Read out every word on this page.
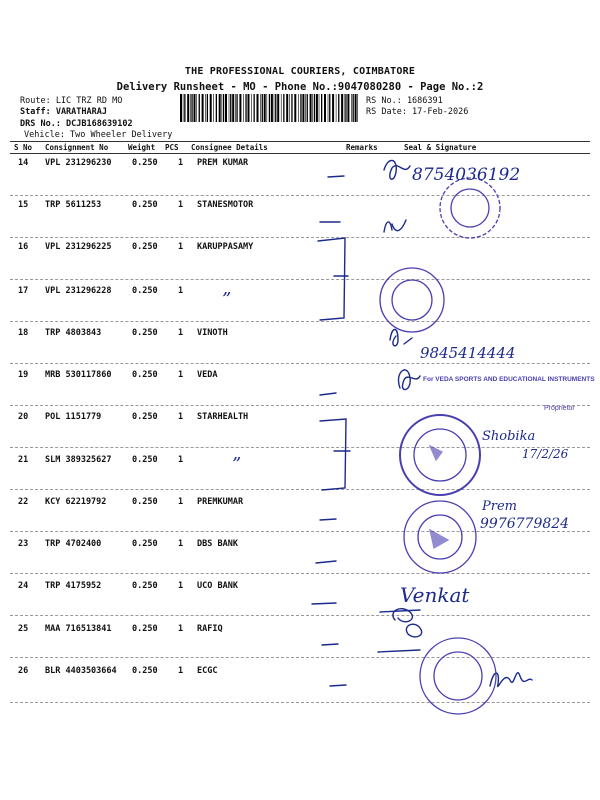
THE PROFESSIONAL COURIERS, COIMBATORE
Delivery Runsheet - MO - Phone No.:9047080280 - Page No.:2
Route: LIC TRZ RD MO
Staff: VARATHARAJ
DRS No.: DCJB168639102
Vehicle: Two Wheeler Delivery
RS No.: 1686391
RS Date: 17-Feb-2026
S No Consignment No	Weight PCS Consignee Details	Remarks	Seal & Signature
14 VPL 231296230 0.250 1 PREM KUMAR
15 TRP 5611253	0.250 1 STANESMOTOR
16 VPL 231296225 0.250 1 KARUPPASAMY
17 VPL 231296228 0.250 1
18 TRP 4803843	0.250 1 VINOTH
19 MRB 530117860 0.250 1 VEDA
20 POL 1151779	0.250 1 STARHEALTH
21 SLM 389325627 0.250 1
22 KCY 62219792	0.250 1 PREMKUMAR
23 TRP 4702400	0.250 1 DBS BANK
24 TRP 4175952	0.250 1 UCO BANK
25 MAA 716513841 0.250 1 RAFIQ
26 BLR 4403503664 0.250 1 ECGC
8754036192
9845414444
Shobika
17/2/26
Prem
9976779824
Venkat
”
”
For VEDA SPORTS AND EDUCATIONAL INSTRUMENTS
Proprietor
